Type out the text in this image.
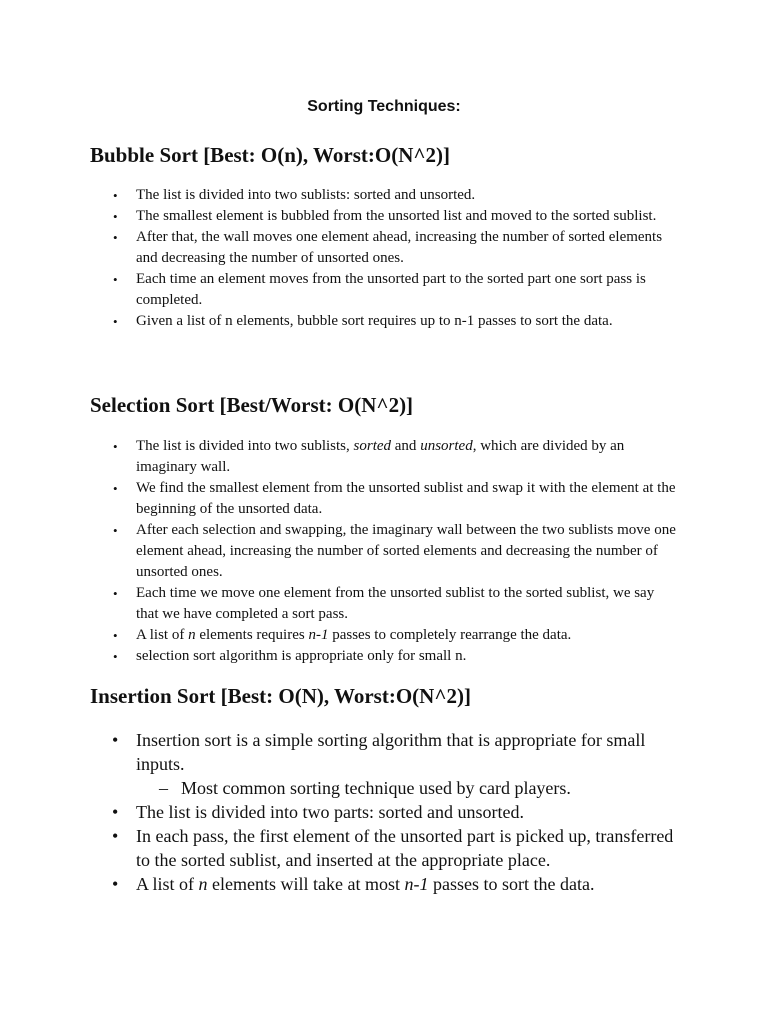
Sorting Techniques:
Bubble Sort [Best: O(n), Worst:O(N^2)]
• The list is divided into two sublists: sorted and unsorted.
• The smallest element is bubbled from the unsorted list and moved to the sorted sublist.
• After that, the wall moves one element ahead, increasing the number of sorted elements and decreasing the number of unsorted ones.
• Each time an element moves from the unsorted part to the sorted part one sort pass is completed.
• Given a list of n elements, bubble sort requires up to n-1 passes to sort the data.
Selection Sort [Best/Worst: O(N^2)]
• The list is divided into two sublists, sorted and unsorted, which are divided by an imaginary wall.
• We find the smallest element from the unsorted sublist and swap it with the element at the beginning of the unsorted data.
• After each selection and swapping, the imaginary wall between the two sublists move one element ahead, increasing the number of sorted elements and decreasing the number of unsorted ones.
• Each time we move one element from the unsorted sublist to the sorted sublist, we say that we have completed a sort pass.
• A list of n elements requires n-1 passes to completely rearrange the data.
• selection sort algorithm is appropriate only for small n.
Insertion Sort [Best: O(N), Worst:O(N^2)]
• Insertion sort is a simple sorting algorithm that is appropriate for small inputs.
– Most common sorting technique used by card players.
• The list is divided into two parts: sorted and unsorted.
• In each pass, the first element of the unsorted part is picked up, transferred to the sorted sublist, and inserted at the appropriate place.
• A list of n elements will take at most n-1 passes to sort the data.
